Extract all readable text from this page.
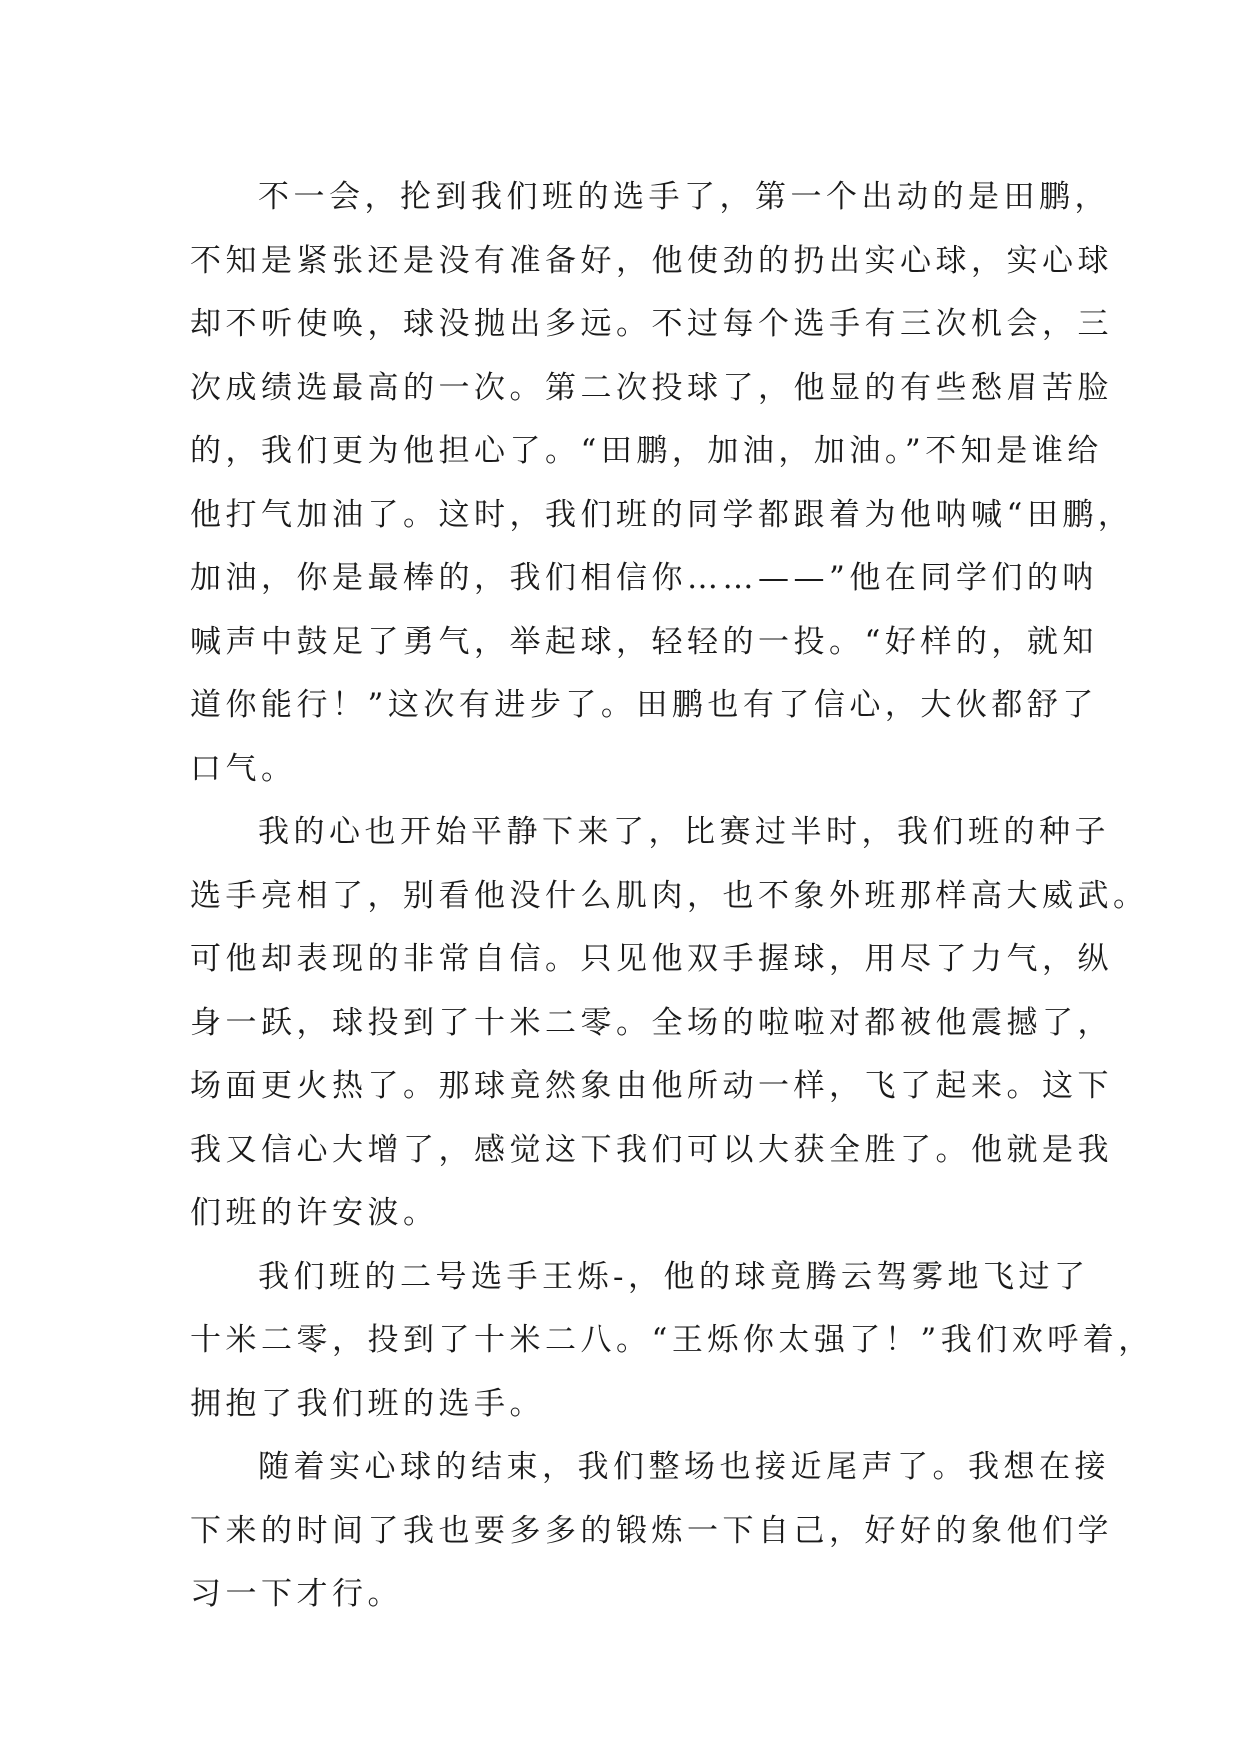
不一会，抡到我们班的选手了，第一个出动的是田鹏，
不知是紧张还是没有准备好，他使劲的扔出实心球，实心球
却不听使唤，球没抛出多远。不过每个选手有三次机会，三
次成绩选最高的一次。第二次投球了，他显的有些愁眉苦脸
的，我们更为他担心了。“田鹏，加油，加油。”不知是谁给
他打气加油了。这时，我们班的同学都跟着为他呐喊“田鹏，
加油，你是最棒的，我们相信你……——”他在同学们的呐
喊声中鼓足了勇气，举起球，轻轻的一投。“好样的，就知
道你能行！”这次有进步了。田鹏也有了信心，大伙都舒了
口气。
我的心也开始平静下来了，比赛过半时，我们班的种子
选手亮相了，别看他没什么肌肉，也不象外班那样高大威武。
可他却表现的非常自信。只见他双手握球，用尽了力气，纵
身一跃，球投到了十米二零。全场的啦啦对都被他震撼了，
场面更火热了。那球竟然象由他所动一样，飞了起来。这下
我又信心大增了，感觉这下我们可以大获全胜了。他就是我
们班的许安波。
我们班的二号选手王烁-，他的球竟腾云驾雾地飞过了
十米二零，投到了十米二八。“王烁你太强了！”我们欢呼着，
拥抱了我们班的选手。
随着实心球的结束，我们整场也接近尾声了。我想在接
下来的时间了我也要多多的锻炼一下自己，好好的象他们学
习一下才行。
